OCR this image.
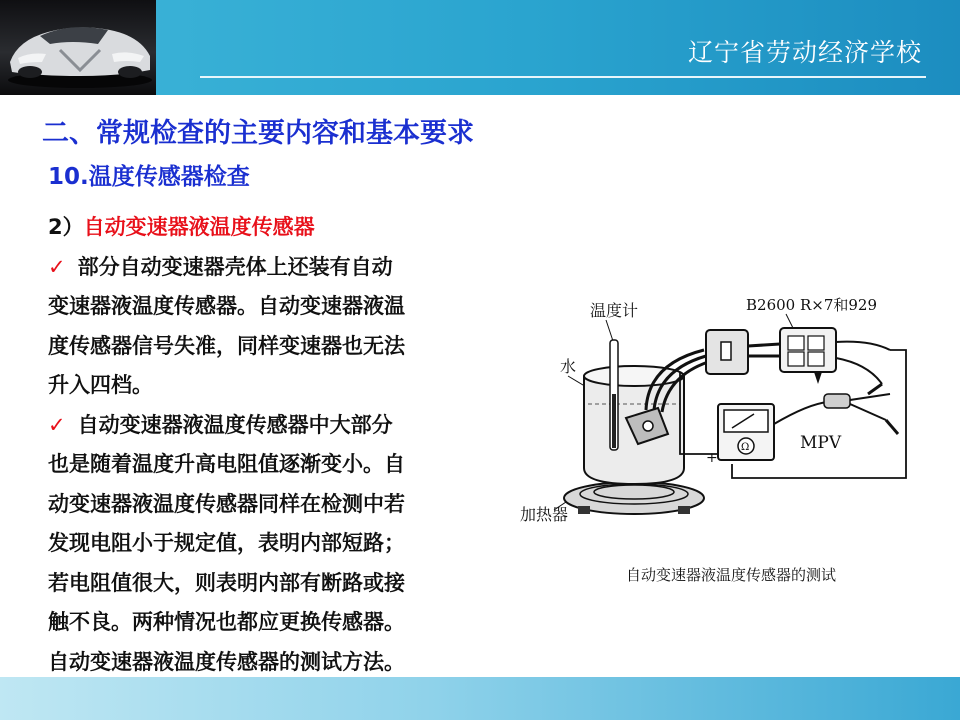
辽宁省劳动经济学校
二、常规检查的主要内容和基本要求
10.温度传感器检查
2）自动变速器液温度传感器
✓ 部分自动变速器壳体上还装有自动
变速器液温度传感器。自动变速器液温
度传感器信号失准，同样变速器也无法
升入四档。
✓ 自动变速器液温度传感器中大部分
也是随着温度升高电阻值逐渐变小。自
动变速器液温度传感器同样在检测中若
发现电阻小于规定值，表明内部短路；
若电阻值很大，则表明内部有断路或接
触不良。两种情况也都应更换传感器。
自动变速器液温度传感器的测试方法。
温度计	B2600 R×7和929
水
MPV
加热器
+
自动变速器液温度传感器的测试
Ω
